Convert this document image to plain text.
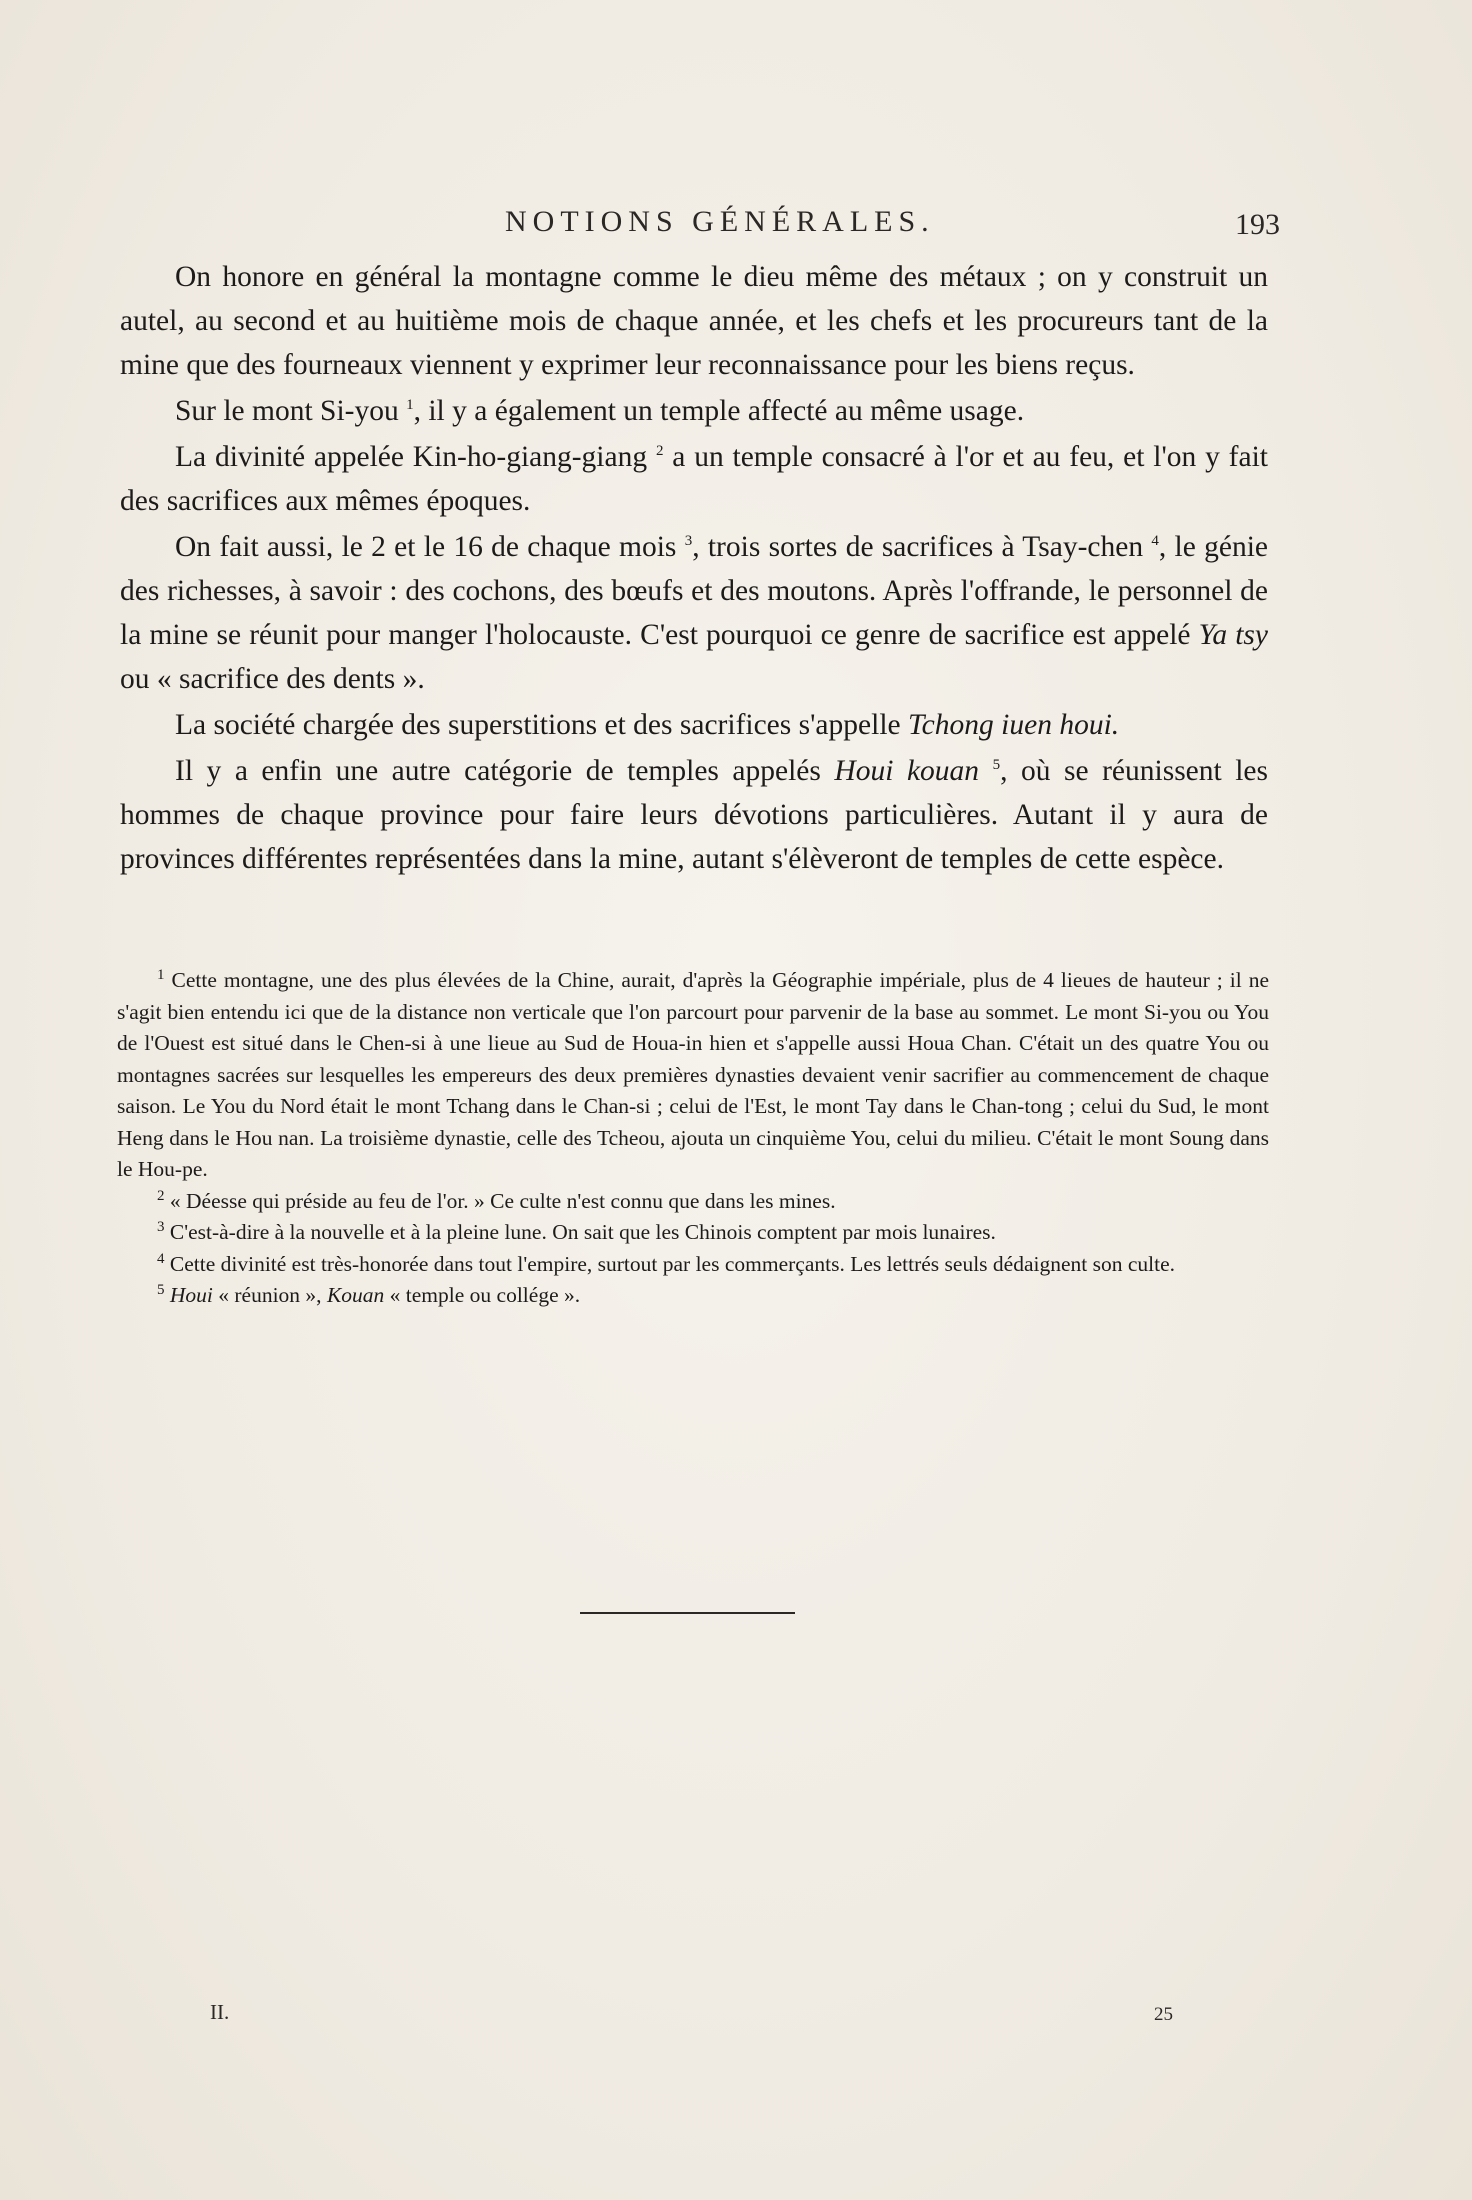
NOTIONS GÉNÉRALES.	193

On honore en général la montagne comme le dieu même des métaux ; on y construit un autel, au second et au huitième mois de chaque année, et les chefs et les procureurs tant de la mine que des fourneaux viennent y exprimer leur reconnaissance pour les biens reçus.

Sur le mont Si-you $^1$, il y a également un temple affecté au même usage.

La divinité appelée Kin-ho-giang-giang $^2$ a un temple consacré à l'or et au feu, et l'on y fait des sacrifices aux mêmes époques.

On fait aussi, le 2 et le 16 de chaque mois $^3$, trois sortes de sacrifices à Tsay-chen $^4$, le génie des richesses, à savoir : des cochons, des bœufs et des moutons. Après l'offrande, le personnel de la mine se réunit pour manger l'holocauste. C'est pourquoi ce genre de sacrifice est appelé Ya tsy ou « sacrifice des dents ».

La société chargée des superstitions et des sacrifices s'appelle Tchong iuen houi.

Il y a enfin une autre catégorie de temples appelés Houi kouan $^5$, où se réunissent les hommes de chaque province pour faire leurs dévotions particulières. Autant il y aura de provinces différentes représentées dans la mine, autant s'élèveront de temples de cette espèce.

$^1$ Cette montagne, une des plus élevées de la Chine, aurait, d'après la Géographie impériale, plus de 4 lieues de hauteur ; il ne s'agit bien entendu ici que de la distance non verticale que l'on parcourt pour parvenir de la base au sommet. Le mont Si-you ou You de l'Ouest est situé dans le Chen-si à une lieue au Sud de Houa-in hien et s'appelle aussi Houa Chan. C'était un des quatre You ou montagnes sacrées sur lesquelles les empereurs des deux premières dynasties devaient venir sacrifier au commencement de chaque saison. Le You du Nord était le mont Tchang dans le Chan-si ; celui de l'Est, le mont Tay dans le Chan-tong ; celui du Sud, le mont Heng dans le Hou nan. La troisième dynastie, celle des Tcheou, ajouta un cinquième You, celui du milieu. C'était le mont Soung dans le Hou-pe.

$^2$ « Déesse qui préside au feu de l'or. » Ce culte n'est connu que dans les mines.

$^3$ C'est-à-dire à la nouvelle et à la pleine lune. On sait que les Chinois comptent par mois lunaires.

$^4$ Cette divinité est très-honorée dans tout l'empire, surtout par les commerçants. Les lettrés seuls dédaignent son culte.

$^5$ Houi « réunion », Kouan « temple ou collége ».

II.	25
